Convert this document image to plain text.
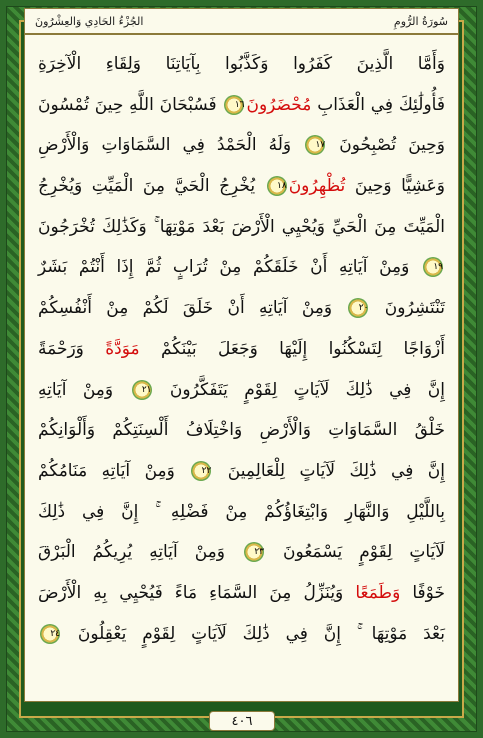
سُورَةُ الرُّومِ
الجُزْءُ الحَادِي وَالعِشْرُونَ
وَأَمَّا الَّذِينَ كَفَرُوا وَكَذَّبُوا بِآيَاتِنَا وَلِقَاءِ الْآخِرَةِ
فَأُولَٰئِكَ فِي الْعَذَابِ مُحْضَرُونَ١٦ فَسُبْحَانَ اللَّهِ حِينَ تُمْسُونَ
وَحِينَ تُصْبِحُونَ ١٧ وَلَهُ الْحَمْدُ فِي السَّمَاوَاتِ وَالْأَرْضِ
وَعَشِيًّا وَحِينَ تُظْهِرُونَ١٨ يُخْرِجُ الْحَيَّ مِنَ الْمَيِّتِ وَيُخْرِجُ
الْمَيِّتَ مِنَ الْحَيِّ وَيُحْيِي الْأَرْضَ بَعْدَ مَوْتِهَا ۚ وَكَذَٰلِكَ تُخْرَجُونَ
١٩ وَمِنْ آيَاتِهِ أَنْ خَلَقَكُمْ مِنْ تُرَابٍ ثُمَّ إِذَا أَنْتُمْ بَشَرٌ
تَنْتَشِرُونَ ٢٠ وَمِنْ آيَاتِهِ أَنْ خَلَقَ لَكُمْ مِنْ أَنْفُسِكُمْ
أَزْوَاجًا لِتَسْكُنُوا إِلَيْهَا وَجَعَلَ بَيْنَكُمْ مَوَدَّةً وَرَحْمَةً
إِنَّ فِي ذَٰلِكَ لَآيَاتٍ لِقَوْمٍ يَتَفَكَّرُونَ ٢١ وَمِنْ آيَاتِهِ
خَلْقُ السَّمَاوَاتِ وَالْأَرْضِ وَاخْتِلَافُ أَلْسِنَتِكُمْ وَأَلْوَانِكُمْ
إِنَّ فِي ذَٰلِكَ لَآيَاتٍ لِلْعَالِمِينَ ٢٢ وَمِنْ آيَاتِهِ مَنَامُكُمْ
بِاللَّيْلِ وَالنَّهَارِ وَابْتِغَاؤُكُمْ مِنْ فَضْلِهِ ۚ إِنَّ فِي ذَٰلِكَ
لَآيَاتٍ لِقَوْمٍ يَسْمَعُونَ ٢٣ وَمِنْ آيَاتِهِ يُرِيكُمُ الْبَرْقَ
خَوْفًا وَطَمَعًا وَيُنَزِّلُ مِنَ السَّمَاءِ مَاءً فَيُحْيِي بِهِ الْأَرْضَ
بَعْدَ مَوْتِهَا ۚ إِنَّ فِي ذَٰلِكَ لَآيَاتٍ لِقَوْمٍ يَعْقِلُونَ ٢٤
٤٠٦
